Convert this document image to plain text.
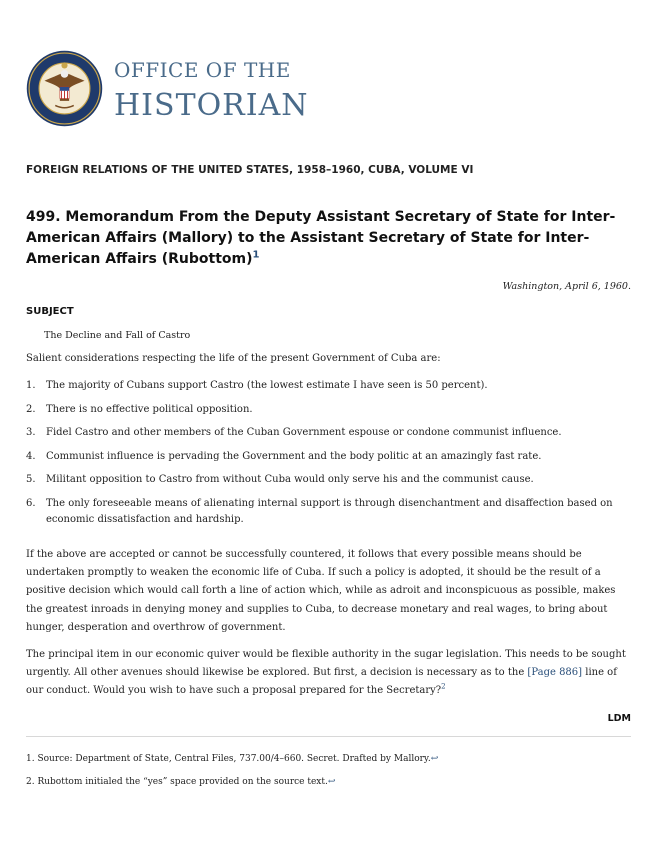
OFFICE OF THE
HISTORIAN
FOREIGN RELATIONS OF THE UNITED STATES, 1958–1960, CUBA, VOLUME VI
499. Memorandum From the Deputy Assistant Secretary of State for Inter-American Affairs (Mallory) to the Assistant Secretary of State for Inter-American Affairs (Rubottom)$^1$
Washington, April 6, 1960.
SUBJECT
The Decline and Fall of Castro

Salient considerations respecting the life of the present Government of Cuba are:

1.	The majority of Cubans support Castro (the lowest estimate I have seen is 50 percent).
2.	There is no effective political opposition.
3.	Fidel Castro and other members of the Cuban Government espouse or condone communist influence.
4.	Communist influence is pervading the Government and the body politic at an amazingly fast rate.
5.	Militant opposition to Castro from without Cuba would only serve his and the communist cause.
6.	The only foreseeable means of alienating internal support is through disenchantment and disaffection based on economic dissatisfaction and hardship.

If the above are accepted or cannot be successfully countered, it follows that every possible means should be undertaken promptly to weaken the economic life of Cuba. If such a policy is adopted, it should be the result of a positive decision which would call forth a line of action which, while as adroit and inconspicuous as possible, makes the greatest inroads in denying money and supplies to Cuba, to decrease monetary and real wages, to bring about hunger, desperation and overthrow of government.

The principal item in our economic quiver would be flexible authority in the sugar legislation. This needs to be sought urgently. All other avenues should likewise be explored. But first, a decision is necessary as to the [Page 886] line of our conduct. Would you wish to have such a proposal prepared for the Secretary?$^2$

LDM
1. Source: Department of State, Central Files, 737.00/4–660. Secret. Drafted by Mallory.↩
2. Rubottom initialed the “yes” space provided on the source text.↩
